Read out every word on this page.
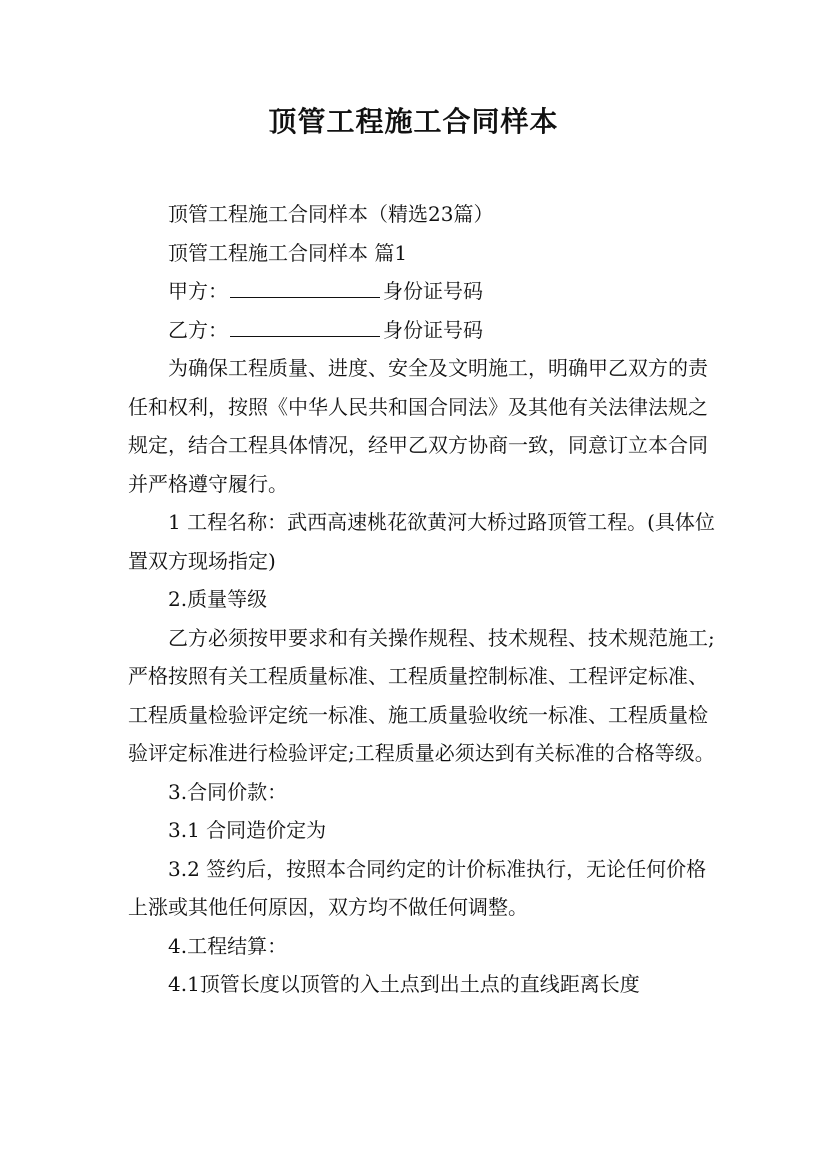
顶管工程施工合同样本

顶管工程施工合同样本（精选23篇）

顶管工程施工合同样本 篇1

甲方：	身份证号码

乙方：	身份证号码

为确保工程质量、进度、安全及文明施工，明确甲乙双方的责任和权利，按照《中华人民共和国合同法》及其他有关法律法规之规定，结合工程具体情况，经甲乙双方协商一致，同意订立本合同并严格遵守履行。

1 工程名称：武西高速桃花欲黄河大桥过路顶管工程。(具体位置双方现场指定)

2.质量等级

乙方必须按甲要求和有关操作规程、技术规程、技术规范施工;严格按照有关工程质量标准、工程质量控制标准、工程评定标准、工程质量检验评定统一标准、施工质量验收统一标准、工程质量检验评定标准进行检验评定;工程质量必须达到有关标准的合格等级。

3.合同价款：

3.1 合同造价定为

3.2 签约后，按照本合同约定的计价标准执行，无论任何价格上涨或其他任何原因，双方均不做任何调整。

4.工程结算：

4.1顶管长度以顶管的入土点到出土点的直线距离长度
